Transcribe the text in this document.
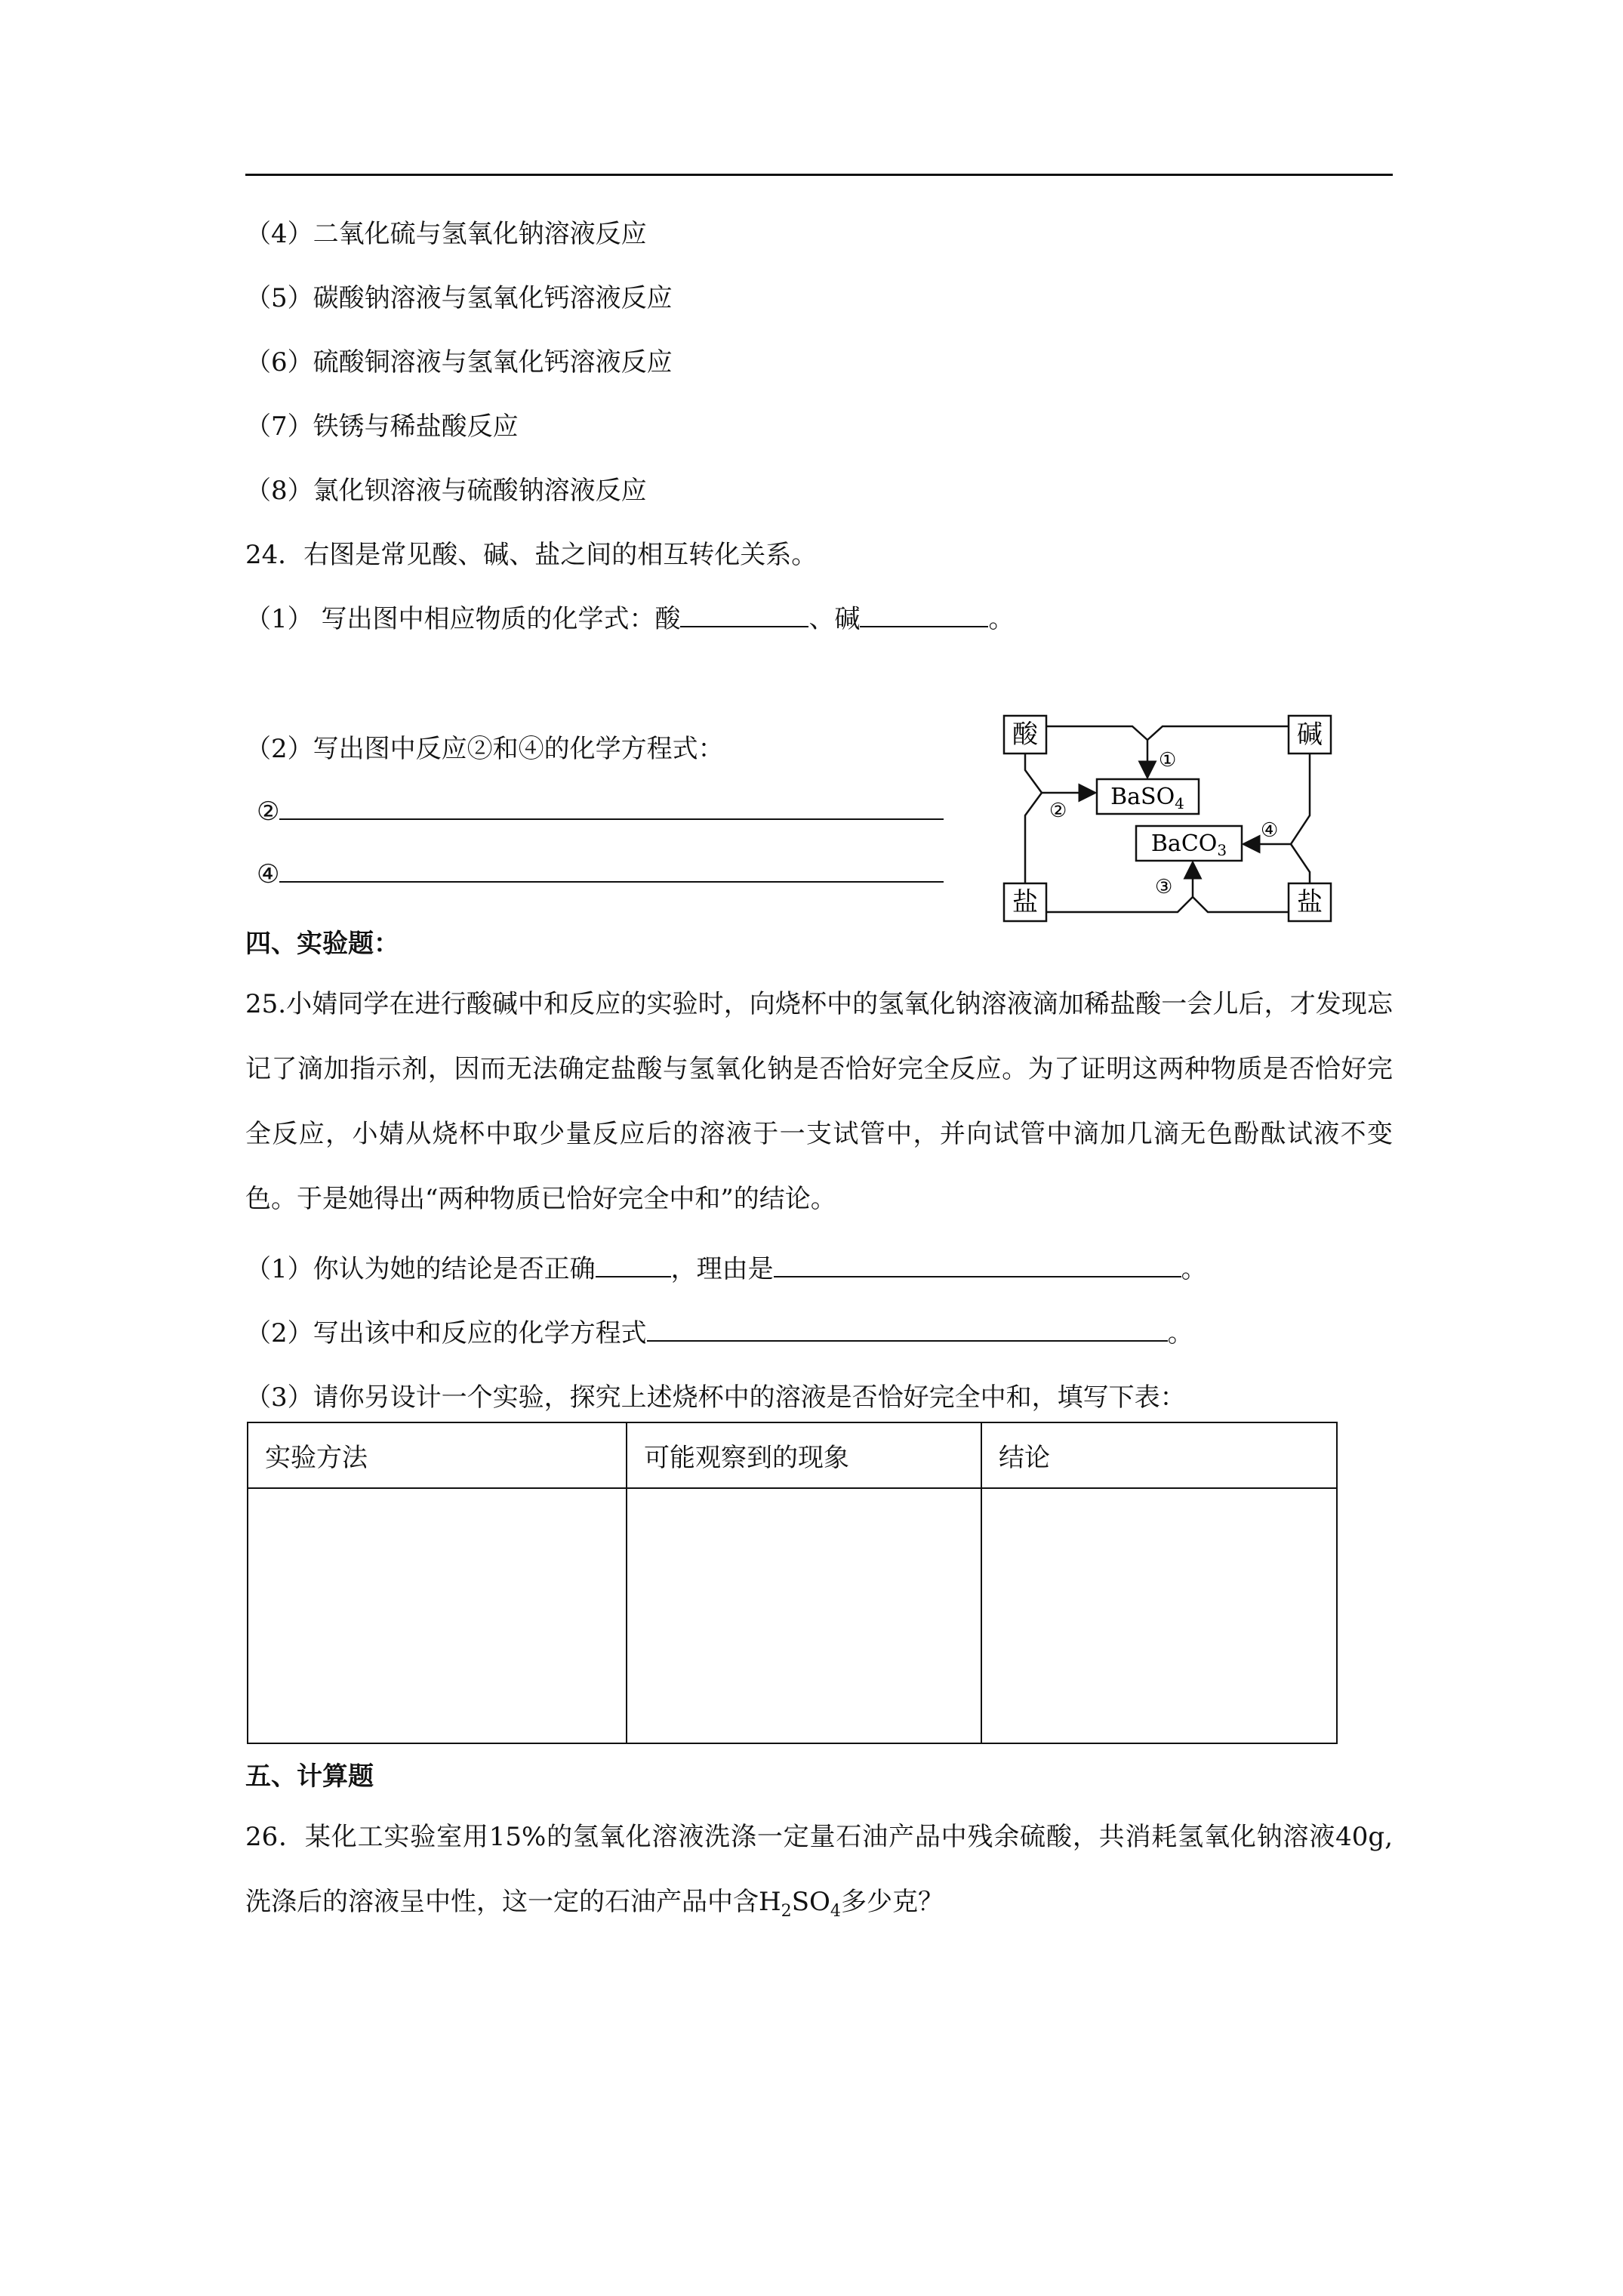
（4）二氧化硫与氢氧化钠溶液反应
（5）碳酸钠溶液与氢氧化钙溶液反应
（6）硫酸铜溶液与氢氧化钙溶液反应
（7）铁锈与稀盐酸反应
（8）氯化钡溶液与硫酸钠溶液反应
24．右图是常见酸、碱、盐之间的相互转化关系。
（1） 写出图中相应物质的化学式：酸	、碱	。
（2）写出图中反应②和④的化学方程式：
②
④
酸	碱
盐	盐
BaSO$_4$
BaCO$_3$
①
②
④
③
四、实验题：
25.小婧同学在进行酸碱中和反应的实验时，向烧杯中的氢氧化钠溶液滴加稀盐酸一会儿后，才发现忘记了滴加指示剂，因而无法确定盐酸与氢氧化钠是否恰好完全反应。为了证明这两种物质是否恰好完全反应，小婧从烧杯中取少量反应后的溶液于一支试管中，并向试管中滴加几滴无色酚酞试液不变色。于是她得出“两种物质已恰好完全中和”的结论。
（1）你认为她的结论是否正确	，理由是	。
（2）写出该中和反应的化学方程式	。
（3）请你另设计一个实验，探究上述烧杯中的溶液是否恰好完全中和，填写下表：
实验方法	可能观察到的现象	结论

五、计算题
26．某化工实验室用15%的氢氧化溶液洗涤一定量石油产品中残余硫酸，共消耗氢氧化钠溶液40g,洗涤后的溶液呈中性，这一定的石油产品中含$H_2SO_4$多少克？
